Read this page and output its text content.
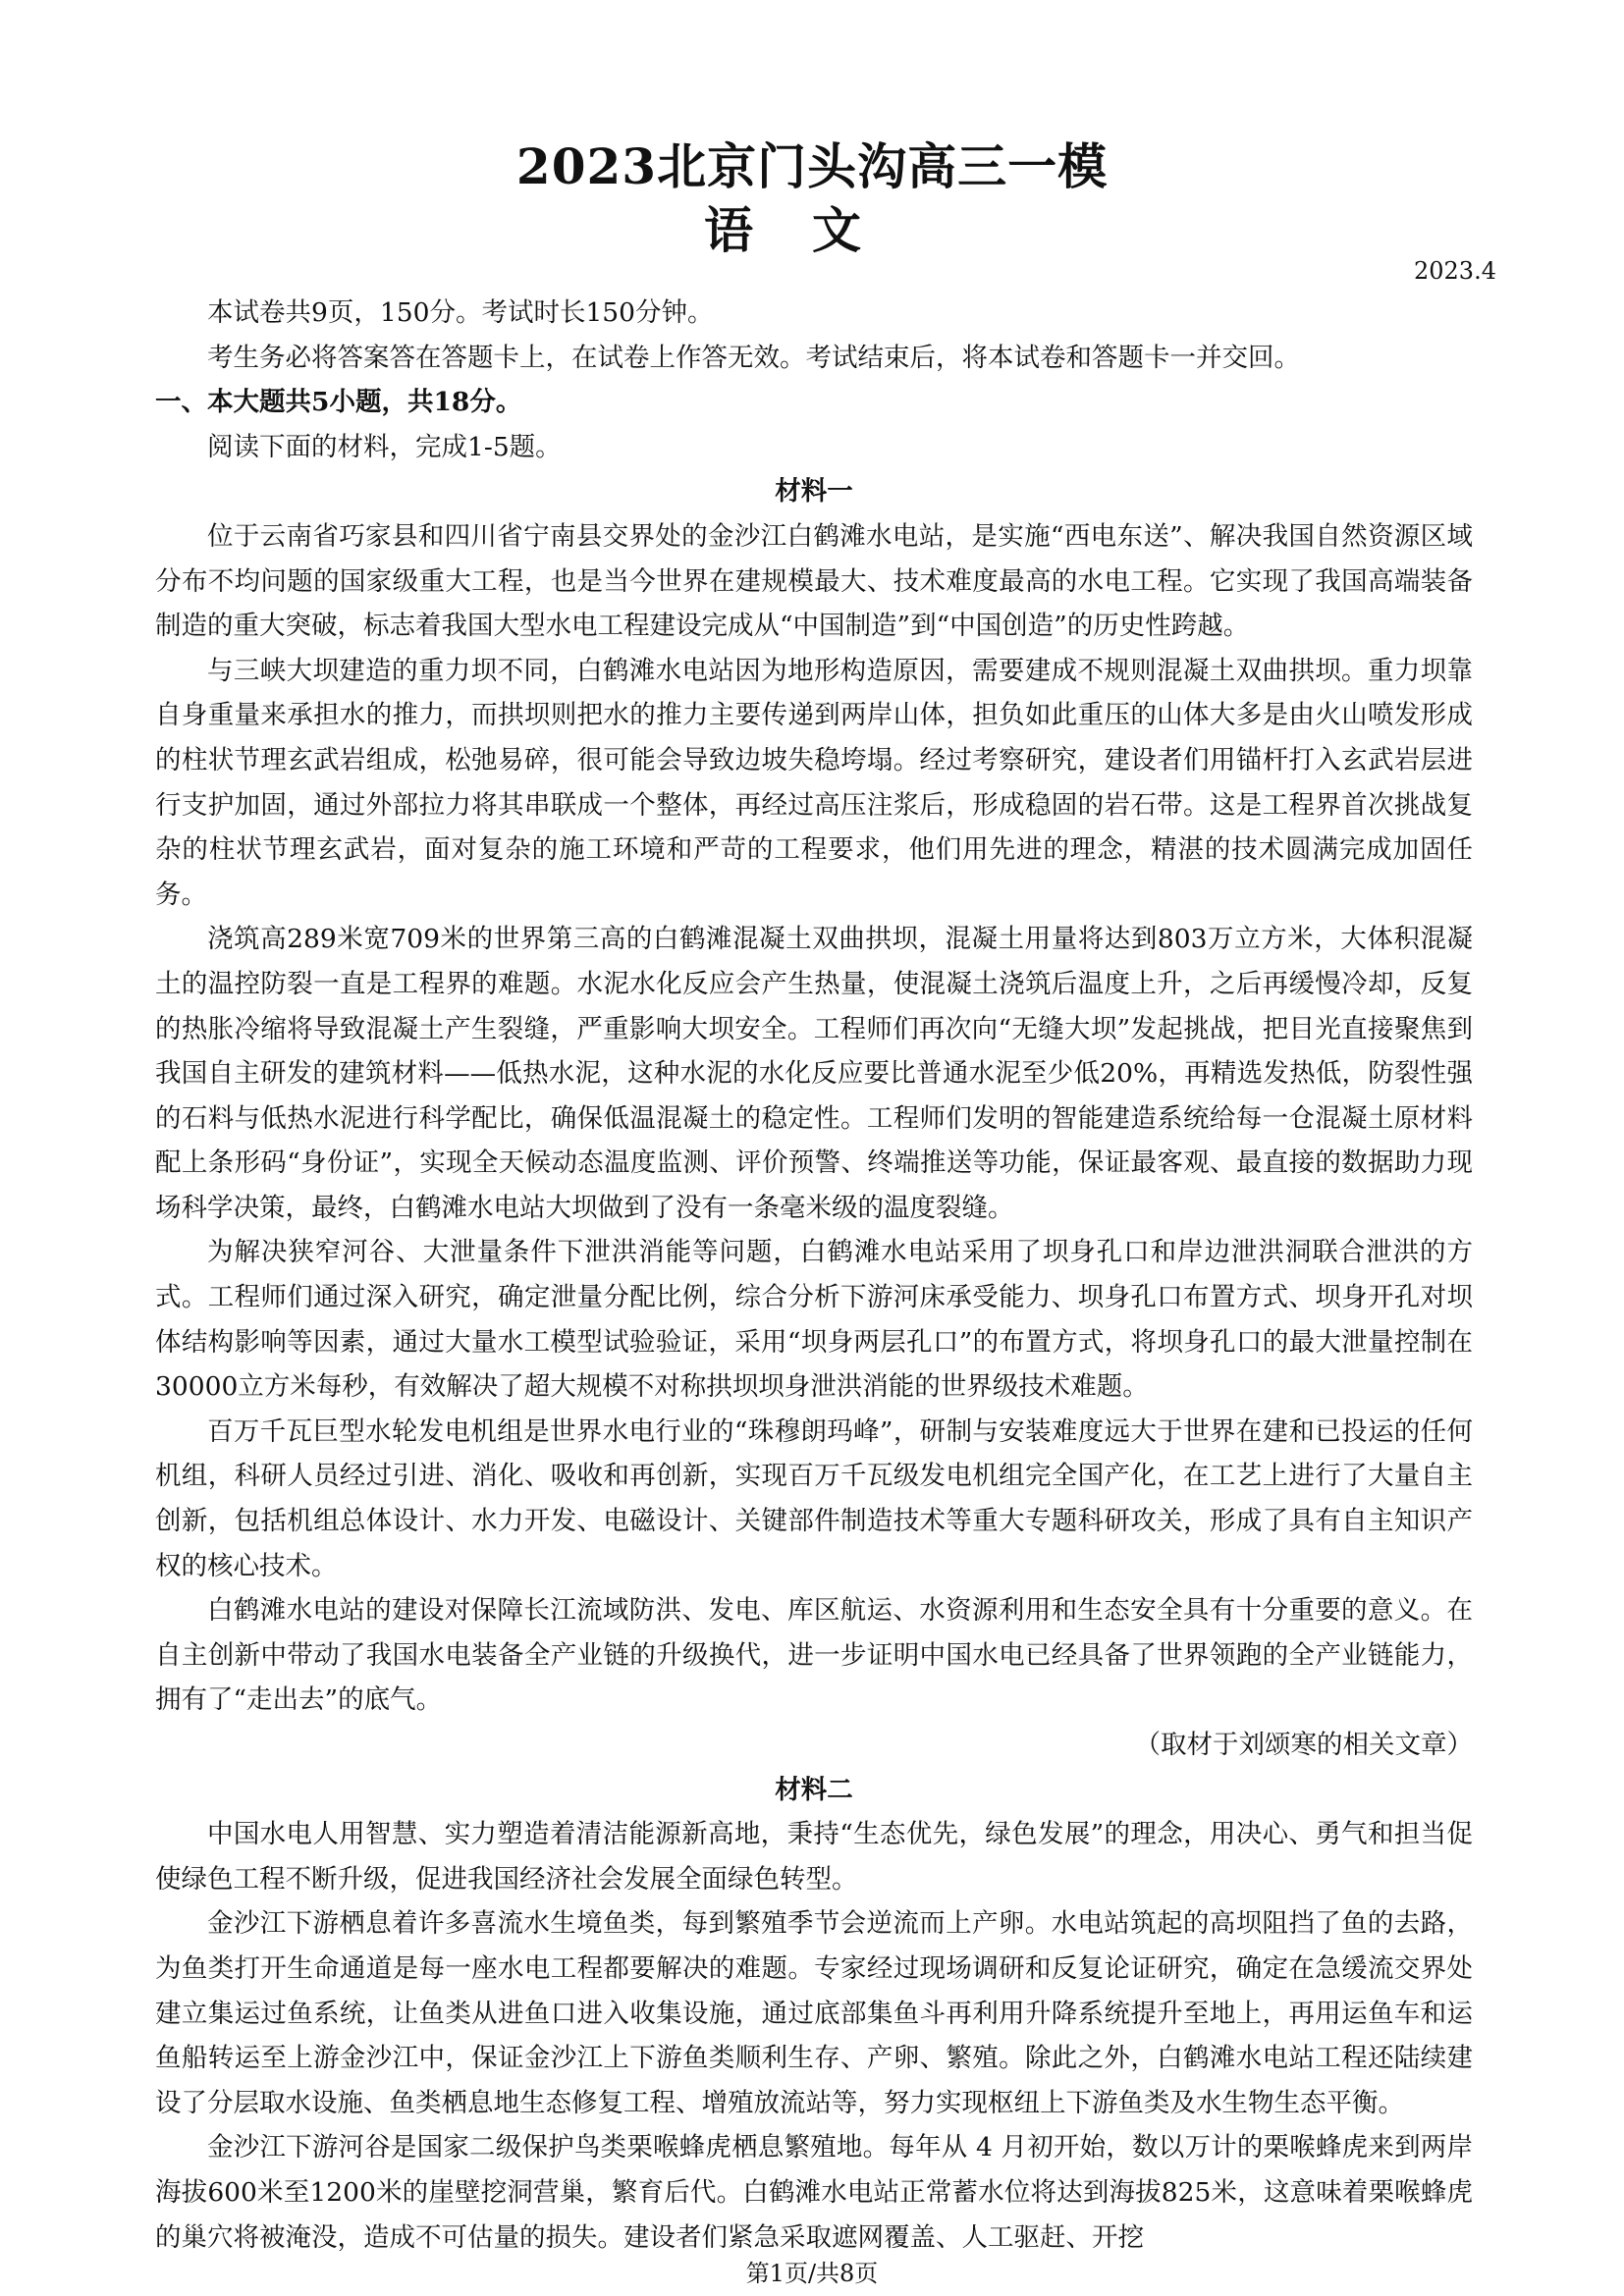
2023北京门头沟高三一模
语文
2023.4

本试卷共9页，150分。考试时长150分钟。

考生务必将答案答在答题卡上，在试卷上作答无效。考试结束后，将本试卷和答题卡一并交回。

一、本大题共5小题，共18分。

阅读下面的材料，完成1-5题。

材料一

位于云南省巧家县和四川省宁南县交界处的金沙江白鹤滩水电站，是实施“西电东送”、解决我国自然资源区域分布不均问题的国家级重大工程，也是当今世界在建规模最大、技术难度最高的水电工程。它实现了我国高端装备制造的重大突破，标志着我国大型水电工程建设完成从“中国制造”到“中国创造”的历史性跨越。

与三峡大坝建造的重力坝不同，白鹤滩水电站因为地形构造原因，需要建成不规则混凝土双曲拱坝。重力坝靠自身重量来承担水的推力，而拱坝则把水的推力主要传递到两岸山体，担负如此重压的山体大多是由火山喷发形成的柱状节理玄武岩组成，松弛易碎，很可能会导致边坡失稳垮塌。经过考察研究，建设者们用锚杆打入玄武岩层进行支护加固，通过外部拉力将其串联成一个整体，再经过高压注浆后，形成稳固的岩石带。这是工程界首次挑战复杂的柱状节理玄武岩，面对复杂的施工环境和严苛的工程要求，他们用先进的理念，精湛的技术圆满完成加固任务。

浇筑高289米宽709米的世界第三高的白鹤滩混凝土双曲拱坝，混凝土用量将达到803万立方米，大体积混凝土的温控防裂一直是工程界的难题。水泥水化反应会产生热量，使混凝土浇筑后温度上升，之后再缓慢冷却，反复的热胀冷缩将导致混凝土产生裂缝，严重影响大坝安全。工程师们再次向“无缝大坝”发起挑战，把目光直接聚焦到我国自主研发的建筑材料——低热水泥，这种水泥的水化反应要比普通水泥至少低20%，再精选发热低，防裂性强的石料与低热水泥进行科学配比，确保低温混凝土的稳定性。工程师们发明的智能建造系统给每一仓混凝土原材料配上条形码“身份证”，实现全天候动态温度监测、评价预警、终端推送等功能，保证最客观、最直接的数据助力现场科学决策，最终，白鹤滩水电站大坝做到了没有一条毫米级的温度裂缝。

为解决狭窄河谷、大泄量条件下泄洪消能等问题，白鹤滩水电站采用了坝身孔口和岸边泄洪洞联合泄洪的方式。工程师们通过深入研究，确定泄量分配比例，综合分析下游河床承受能力、坝身孔口布置方式、坝身开孔对坝体结构影响等因素，通过大量水工模型试验验证，采用“坝身两层孔口”的布置方式，将坝身孔口的最大泄量控制在 30000立方米每秒，有效解决了超大规模不对称拱坝坝身泄洪消能的世界级技术难题。

百万千瓦巨型水轮发电机组是世界水电行业的“珠穆朗玛峰”，研制与安装难度远大于世界在建和已投运的任何机组，科研人员经过引进、消化、吸收和再创新，实现百万千瓦级发电机组完全国产化，在工艺上进行了大量自主创新，包括机组总体设计、水力开发、电磁设计、关键部件制造技术等重大专题科研攻关，形成了具有自主知识产权的核心技术。

白鹤滩水电站的建设对保障长江流域防洪、发电、库区航运、水资源利用和生态安全具有十分重要的意义。在自主创新中带动了我国水电装备全产业链的升级换代，进一步证明中国水电已经具备了世界领跑的全产业链能力，拥有了“走出去”的底气。

（取材于刘颂寒的相关文章）

材料二

中国水电人用智慧、实力塑造着清洁能源新高地，秉持“生态优先，绿色发展”的理念，用决心、勇气和担当促使绿色工程不断升级，促进我国经济社会发展全面绿色转型。

金沙江下游栖息着许多喜流水生境鱼类，每到繁殖季节会逆流而上产卵。水电站筑起的高坝阻挡了鱼的去路，为鱼类打开生命通道是每一座水电工程都要解决的难题。专家经过现场调研和反复论证研究，确定在急缓流交界处建立集运过鱼系统，让鱼类从进鱼口进入收集设施，通过底部集鱼斗再利用升降系统提升至地上，再用运鱼车和运鱼船转运至上游金沙江中，保证金沙江上下游鱼类顺利生存、产卵、繁殖。除此之外，白鹤滩水电站工程还陆续建设了分层取水设施、鱼类栖息地生态修复工程、增殖放流站等，努力实现枢纽上下游鱼类及水生物生态平衡。

金沙江下游河谷是国家二级保护鸟类栗喉蜂虎栖息繁殖地。每年从 4 月初开始，数以万计的栗喉蜂虎来到两岸海拔600米至1200米的崖壁挖洞营巢，繁育后代。白鹤滩水电站正常蓄水位将达到海拔825米，这意味着栗喉蜂虎的巢穴将被淹没，造成不可估量的损失。建设者们紧急采取遮网覆盖、人工驱赶、开挖

第1页/共8页
